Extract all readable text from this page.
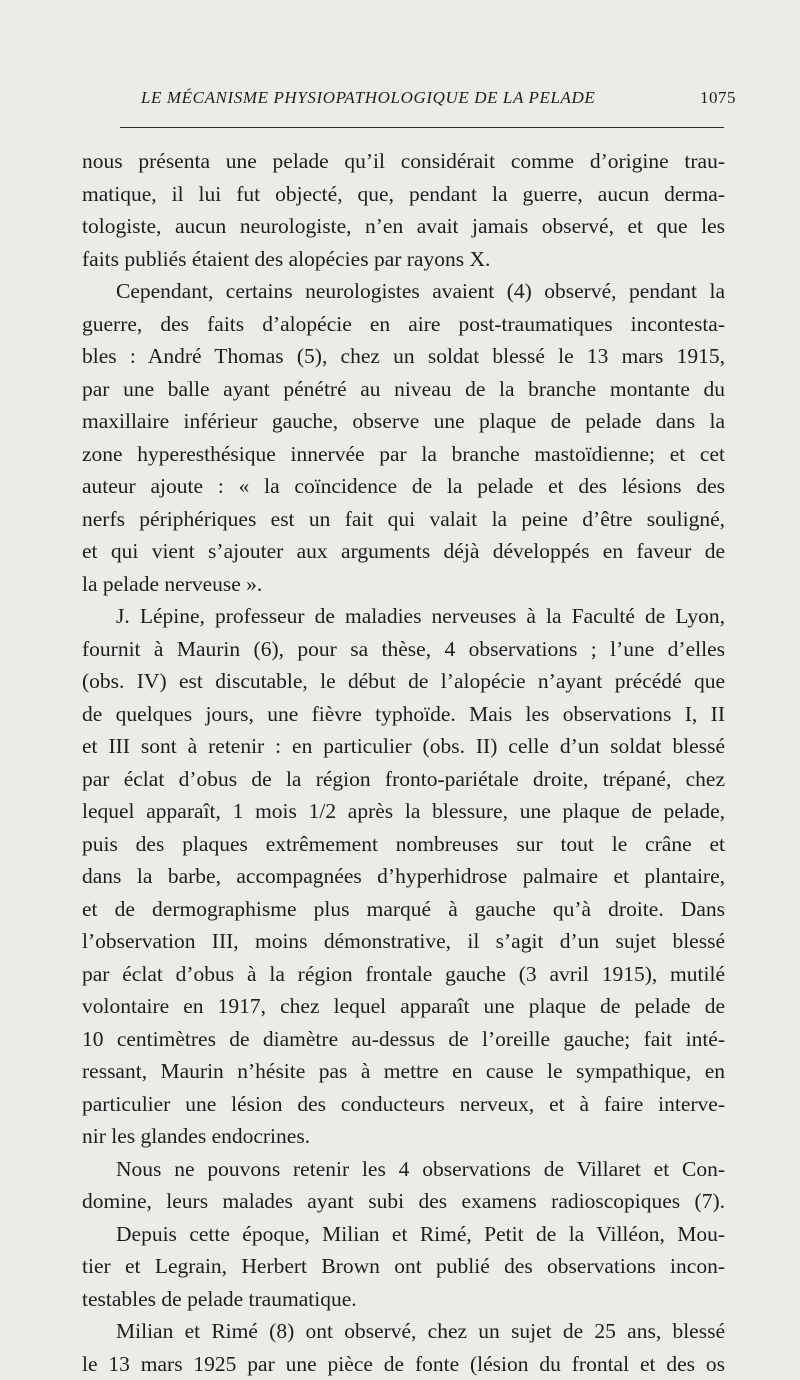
LE MÉCANISME PHYSIOPATHOLOGIQUE DE LA PELADE	1075
nous présenta une pelade qu’il considérait comme d’origine trau-
matique, il lui fut objecté, que, pendant la guerre, aucun derma-
tologiste, aucun neurologiste, n’en avait jamais observé, et que les
faits publiés étaient des alopécies par rayons X.
Cependant, certains neurologistes avaient (4) observé, pendant la
guerre, des faits d’alopécie en aire post-traumatiques incontesta-
bles : André Thomas (5), chez un soldat blessé le 13 mars 1915,
par une balle ayant pénétré au niveau de la branche montante du
maxillaire inférieur gauche, observe une plaque de pelade dans la
zone hyperesthésique innervée par la branche mastoïdienne; et cet
auteur ajoute : « la coïncidence de la pelade et des lésions des
nerfs périphériques est un fait qui valait la peine d’être souligné,
et qui vient s’ajouter aux arguments déjà développés en faveur de
la pelade nerveuse ».
J. Lépine, professeur de maladies nerveuses à la Faculté de Lyon,
fournit à Maurin (6), pour sa thèse, 4 observations ; l’une d’elles
(obs. IV) est discutable, le début de l’alopécie n’ayant précédé que
de quelques jours, une fièvre typhoïde. Mais les observations I, II
et III sont à retenir : en particulier (obs. II) celle d’un soldat blessé
par éclat d’obus de la région fronto-pariétale droite, trépané, chez
lequel apparaît, 1 mois 1/2 après la blessure, une plaque de pelade,
puis des plaques extrêmement nombreuses sur tout le crâne et
dans la barbe, accompagnées d’hyperhidrose palmaire et plantaire,
et de dermographisme plus marqué à gauche qu’à droite. Dans
l’observation III, moins démonstrative, il s’agit d’un sujet blessé
par éclat d’obus à la région frontale gauche (3 avril 1915), mutilé
volontaire en 1917, chez lequel apparaît une plaque de pelade de
10 centimètres de diamètre au-dessus de l’oreille gauche; fait inté-
ressant, Maurin n’hésite pas à mettre en cause le sympathique, en
particulier une lésion des conducteurs nerveux, et à faire interve-
nir les glandes endocrines.
Nous ne pouvons retenir les 4 observations de Villaret et Con-
domine, leurs malades ayant subi des examens radioscopiques (7).
Depuis cette époque, Milian et Rimé, Petit de la Villéon, Mou-
tier et Legrain, Herbert Brown ont publié des observations incon-
testables de pelade traumatique.
Milian et Rimé (8) ont observé, chez un sujet de 25 ans, blessé
le 13 mars 1925 par une pièce de fonte (lésion du frontal et des os
